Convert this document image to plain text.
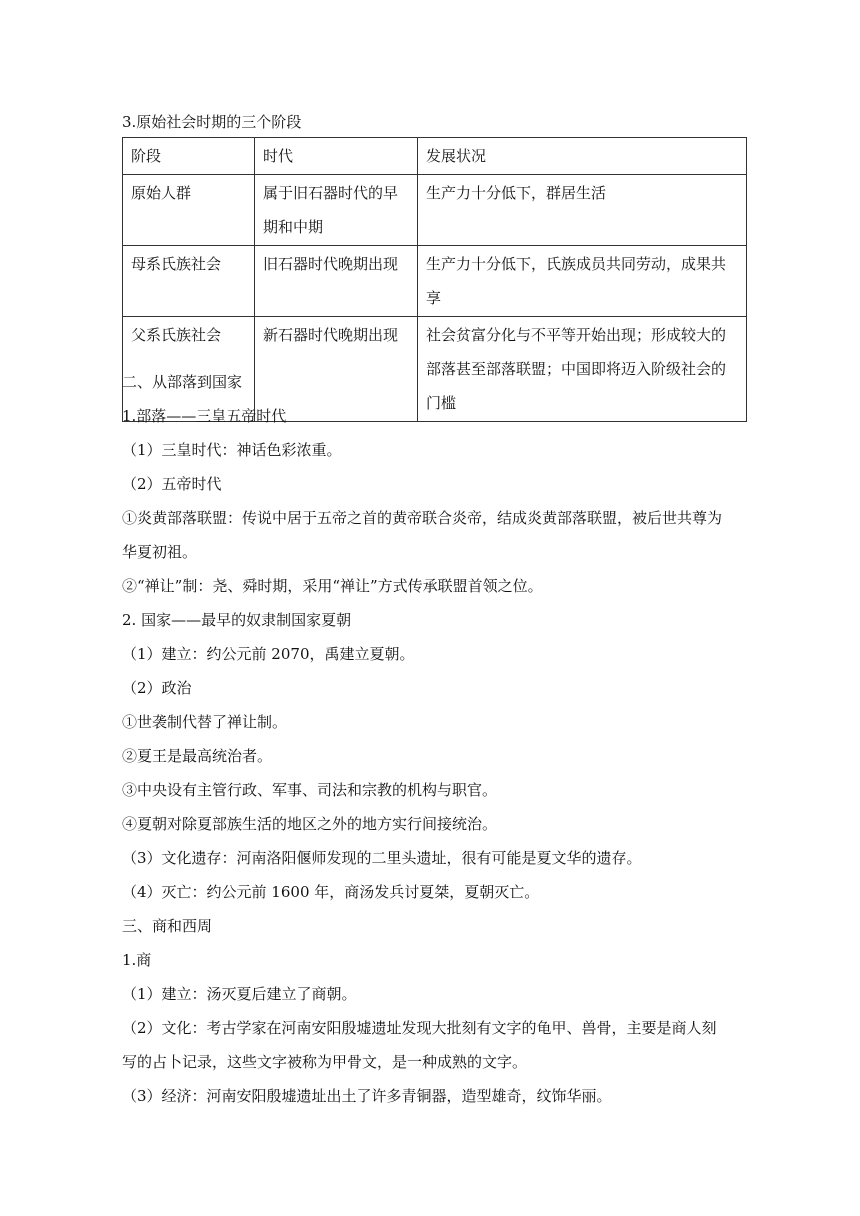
3.原始社会时期的三个阶段
阶段	时代	发展状况
原始人群	属于旧石器时代的早期和中期	生产力十分低下，群居生活
母系氏族社会	旧石器时代晚期出现	生产力十分低下，氏族成员共同劳动，成果共享
父系氏族社会	新石器时代晚期出现	社会贫富分化与不平等开始出现；形成较大的部落甚至部落联盟；中国即将迈入阶级社会的门槛
二、从部落到国家
1.部落——三皇五帝时代
（1）三皇时代：神话色彩浓重。
（2）五帝时代
①炎黄部落联盟：传说中居于五帝之首的黄帝联合炎帝，结成炎黄部落联盟，被后世共尊为
华夏初祖。
②“禅让”制：尧、舜时期，采用“禅让”方式传承联盟首领之位。
2. 国家——最早的奴隶制国家夏朝
（1）建立：约公元前 2070，禹建立夏朝。
（2）政治
①世袭制代替了禅让制。
②夏王是最高统治者。
③中央设有主管行政、军事、司法和宗教的机构与职官。
④夏朝对除夏部族生活的地区之外的地方实行间接统治。
（3）文化遗存：河南洛阳偃师发现的二里头遗址，很有可能是夏文华的遗存。
（4）灭亡：约公元前 1600 年，商汤发兵讨夏桀，夏朝灭亡。
三、商和西周
1.商
（1）建立：汤灭夏后建立了商朝。
（2）文化：考古学家在河南安阳殷墟遗址发现大批刻有文字的龟甲、兽骨，主要是商人刻
写的占卜记录，这些文字被称为甲骨文，是一种成熟的文字。
（3）经济：河南安阳殷墟遗址出土了许多青铜器，造型雄奇，纹饰华丽。
